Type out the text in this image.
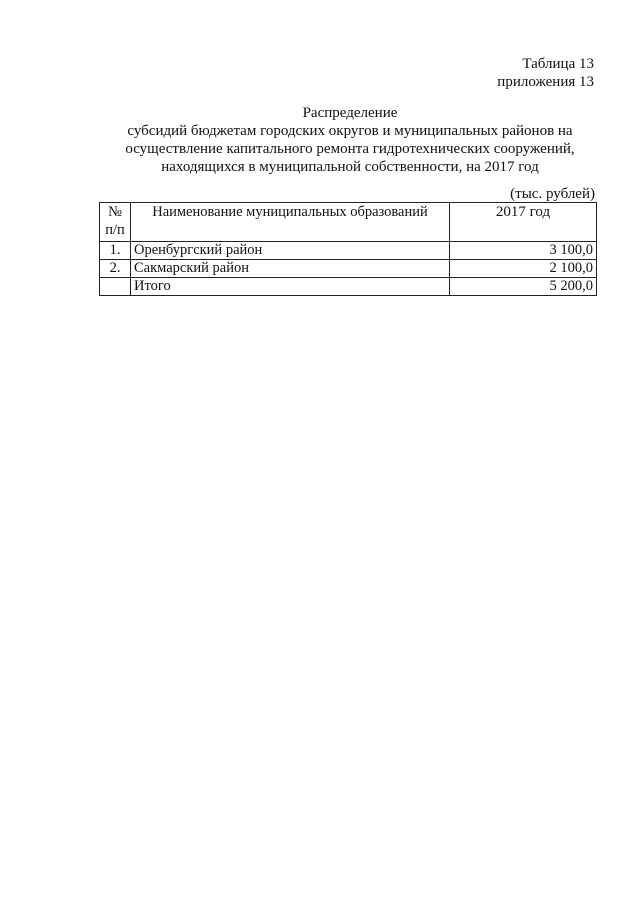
Таблица 13
приложения 13
Распределение
субсидий бюджетам городских округов и муниципальных районов на
осуществление капитального ремонта гидротехнических сооружений,
находящихся в муниципальной собственности, на 2017 год
(тыс. рублей)
№
п/п	Наименование муниципальных образований	2017 год
1.	Оренбургский район	3 100,0
2.	Сакмарский район	2 100,0
	Итого	5 200,0
